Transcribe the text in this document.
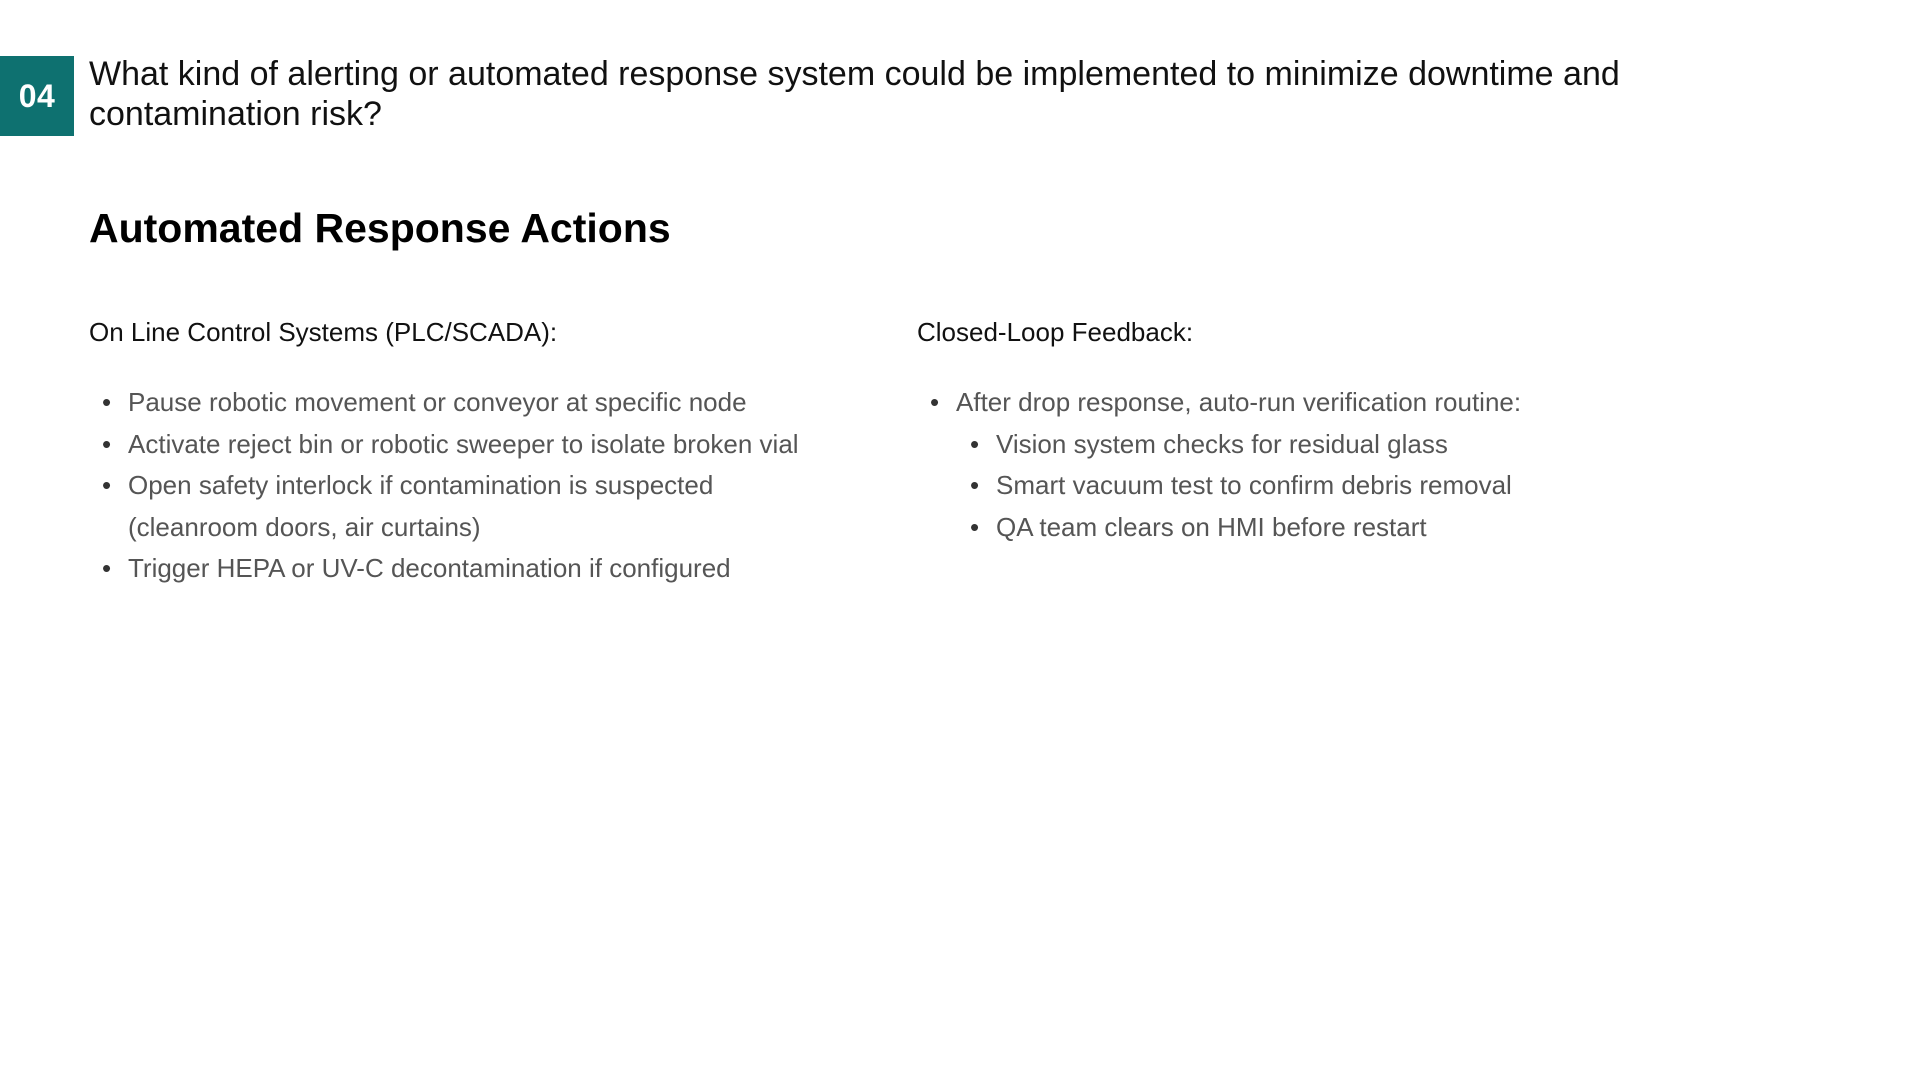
04
What kind of alerting or automated response system could be implemented to minimize downtime and contamination risk?
Automated Response Actions
On Line Control Systems (PLC/SCADA):
• Pause robotic movement or conveyor at specific node
• Activate reject bin or robotic sweeper to isolate broken vial
• Open safety interlock if contamination is suspected (cleanroom doors, air curtains)
• Trigger HEPA or UV-C decontamination if configured
Closed-Loop Feedback:
• After drop response, auto-run verification routine:
• Vision system checks for residual glass
• Smart vacuum test to confirm debris removal
• QA team clears on HMI before restart
